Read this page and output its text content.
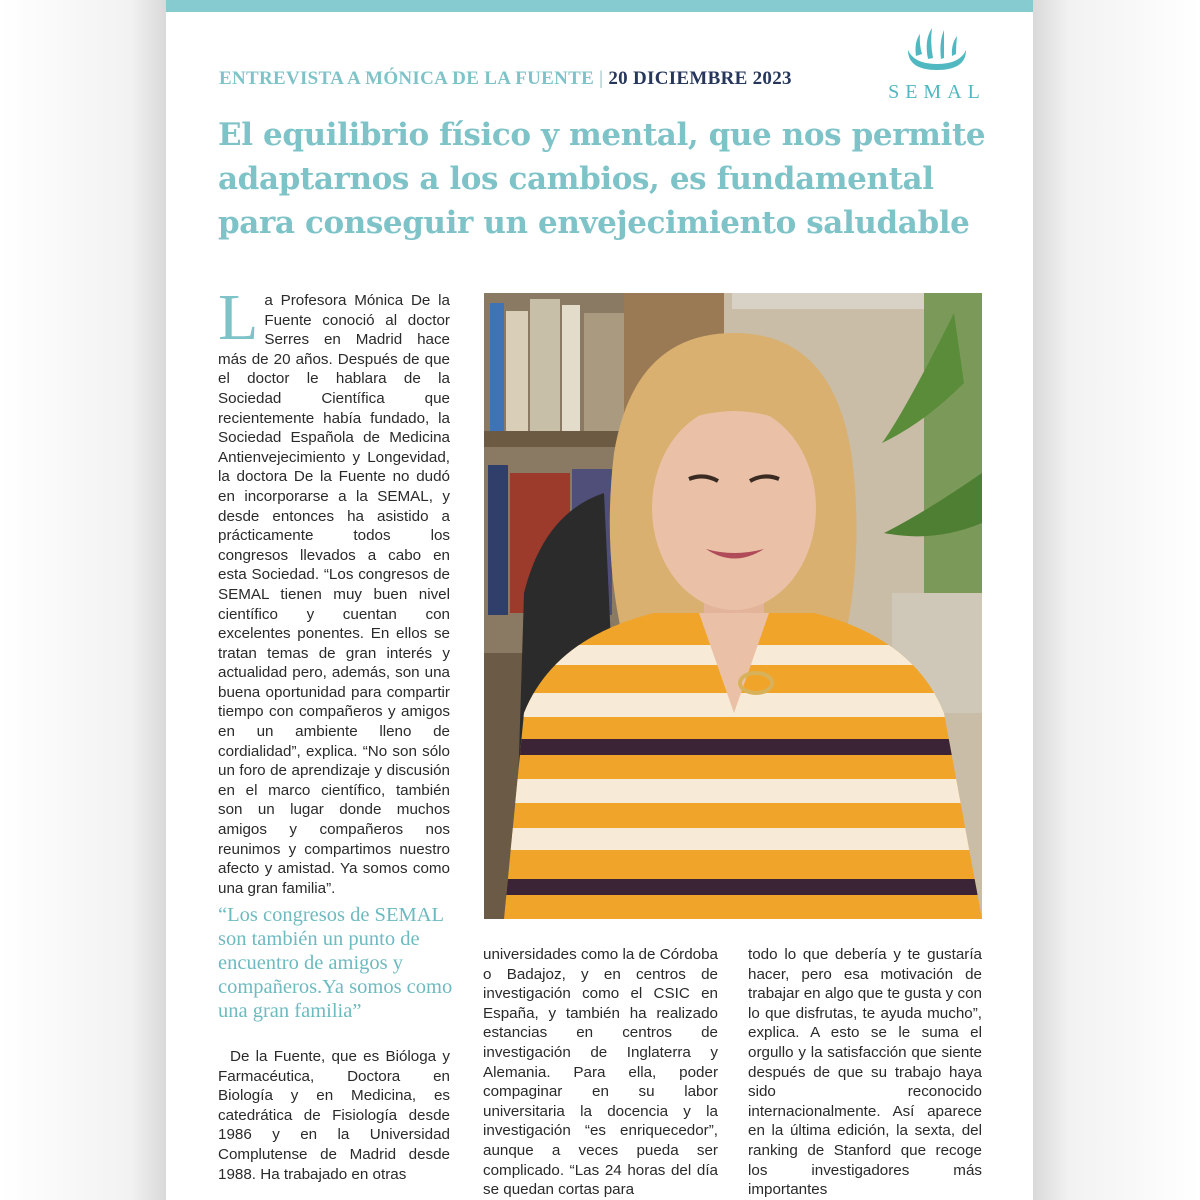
ENTREVISTA A MÓNICA DE LA FUENTE | 20 DICIEMBRE 2023
SEMAL
El equilibrio físico y mental, que nos permite adaptarnos a los cambios, es fundamental para conseguir un envejecimiento saludable

La Profesora Mónica De la Fuente conoció al doctor Serres en Madrid hace más de 20 años. Después de que el doctor le hablara de la Sociedad Científica que recientemente había fundado, la Sociedad Española de Medicina Antienvejecimiento y Longevidad, la doctora De la Fuente no dudó en incorporarse a la SEMAL, y desde entonces ha asistido a prácticamente todos los congresos llevados a cabo en esta Sociedad. “Los congresos de SEMAL tienen muy buen nivel científico y cuentan con excelentes ponentes. En ellos se tratan temas de gran interés y actualidad pero, además, son una buena oportunidad para compartir tiempo con compañeros y amigos en un ambiente lleno de cordialidad”, explica. “No son sólo un foro de aprendizaje y discusión en el marco científico, también son un lugar donde muchos amigos y compañeros nos reunimos y compartimos nuestro afecto y amistad. Ya somos como una gran familia”.

“Los congresos de SEMAL son también un punto de encuentro de amigos y compañeros.Ya somos como una gran familia”

De la Fuente, que es Bióloga y Farmacéutica, Doctora en Biología y en Medicina, es catedrática de Fisiología desde 1986 y en la Universidad Complutense de Madrid desde 1988. Ha trabajado en otras

universidades como la de Córdoba o Badajoz, y en centros de investigación como el CSIC en España, y también ha realizado estancias en centros de investigación de Inglaterra y Alemania. Para ella, poder compaginar en su labor universitaria la docencia y la investigación “es enriquecedor”, aunque a veces pueda ser complicado. “Las 24 horas del día se quedan cortas para

todo lo que debería y te gustaría hacer, pero esa motivación de trabajar en algo que te gusta y con lo que disfrutas, te ayuda mucho”, explica. A esto se le suma el orgullo y la satisfacción que siente después de que su trabajo haya sido reconocido internacionalmente. Así aparece en la última edición, la sexta, del ranking de Stanford que recoge los investigadores más importantes
